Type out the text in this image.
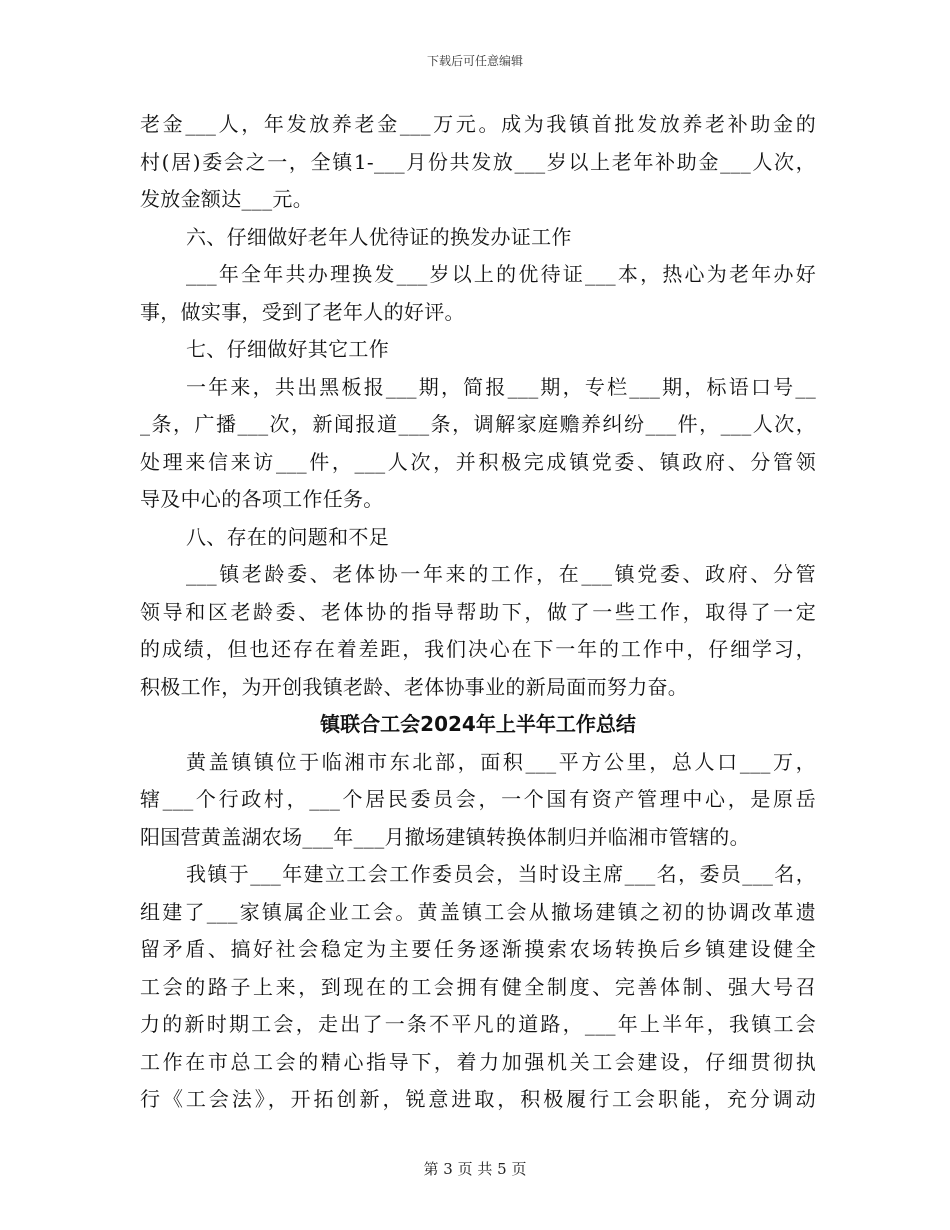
下载后可任意编辑
老金___人，年发放养老金___万元。成为我镇首批发放养老补助金的
村(居)委会之一，全镇1-___月份共发放___岁以上老年补助金___人次，
发放金额达___元。
六、仔细做好老年人优待证的换发办证工作
___年全年共办理换发___岁以上的优待证___本，热心为老年办好
事，做实事，受到了老年人的好评。
七、仔细做好其它工作
一年来，共出黑板报___期，简报___期，专栏___期，标语口号__
_条，广播___次，新闻报道___条，调解家庭赡养纠纷___件，___人次，
处理来信来访___件，___人次，并积极完成镇党委、镇政府、分管领
导及中心的各项工作任务。
八、存在的问题和不足
___镇老龄委、老体协一年来的工作，在___镇党委、政府、分管
领导和区老龄委、老体协的指导帮助下，做了一些工作，取得了一定
的成绩，但也还存在着差距，我们决心在下一年的工作中，仔细学习，
积极工作，为开创我镇老龄、老体协事业的新局面而努力奋。
镇联合工会2024年上半年工作总结
黄盖镇镇位于临湘市东北部，面积___平方公里，总人口___万，
辖___个行政村，___个居民委员会，一个国有资产管理中心，是原岳
阳国营黄盖湖农场___年___月撤场建镇转换体制归并临湘市管辖的。
我镇于___年建立工会工作委员会，当时设主席___名，委员___名，
组建了___家镇属企业工会。黄盖镇工会从撤场建镇之初的协调改革遗
留矛盾、搞好社会稳定为主要任务逐渐摸索农场转换后乡镇建设健全
工会的路子上来，到现在的工会拥有健全制度、完善体制、强大号召
力的新时期工会，走出了一条不平凡的道路，___年上半年，我镇工会
工作在市总工会的精心指导下，着力加强机关工会建设，仔细贯彻执
行《工会法》，开拓创新，锐意进取，积极履行工会职能，充分调动
第 3 页 共 5 页
